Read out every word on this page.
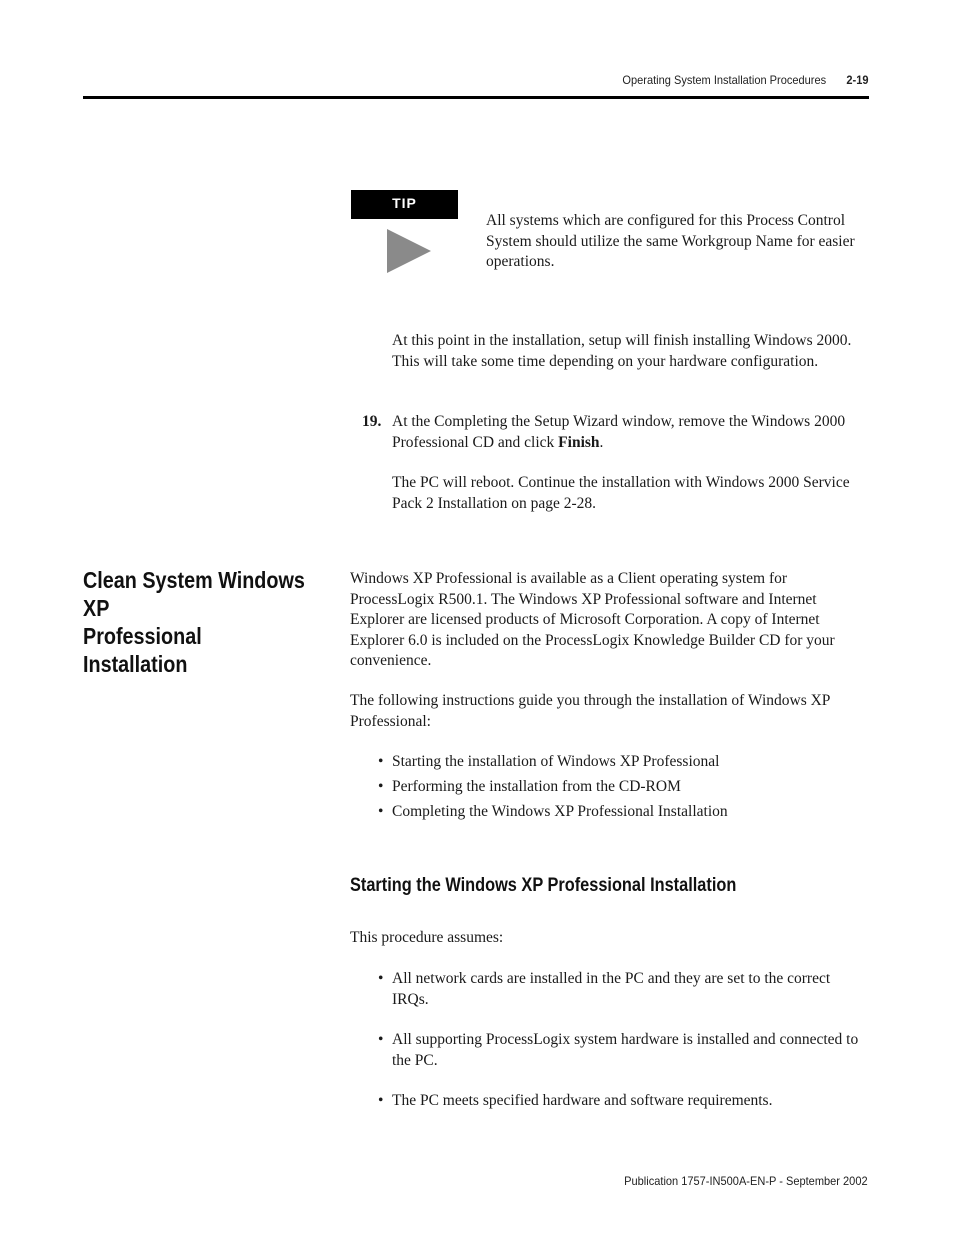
Operating System Installation Procedures 2-19
TIP
All systems which are configured for this Process Control System should utilize the same Workgroup Name for easier operations.
At this point in the installation, setup will finish installing Windows 2000. This will take some time depending on your hardware configuration.
19. At the Completing the Setup Wizard window, remove the Windows 2000 Professional CD and click Finish.
The PC will reboot. Continue the installation with Windows 2000 Service Pack 2 Installation on page 2-28.
Clean System Windows XP
Professional Installation
Windows XP Professional is available as a Client operating system for ProcessLogix R500.1. The Windows XP Professional software and Internet Explorer are licensed products of Microsoft Corporation. A copy of Internet Explorer 6.0 is included on the ProcessLogix Knowledge Builder CD for your convenience.
The following instructions guide you through the installation of Windows XP Professional:
• Starting the installation of Windows XP Professional
• Performing the installation from the CD-ROM
• Completing the Windows XP Professional Installation
Starting the Windows XP Professional Installation
This procedure assumes:
• All network cards are installed in the PC and they are set to the correct IRQs.
• All supporting ProcessLogix system hardware is installed and connected to the PC.
• The PC meets specified hardware and software requirements.
Publication 1757-IN500A-EN-P - September 2002
